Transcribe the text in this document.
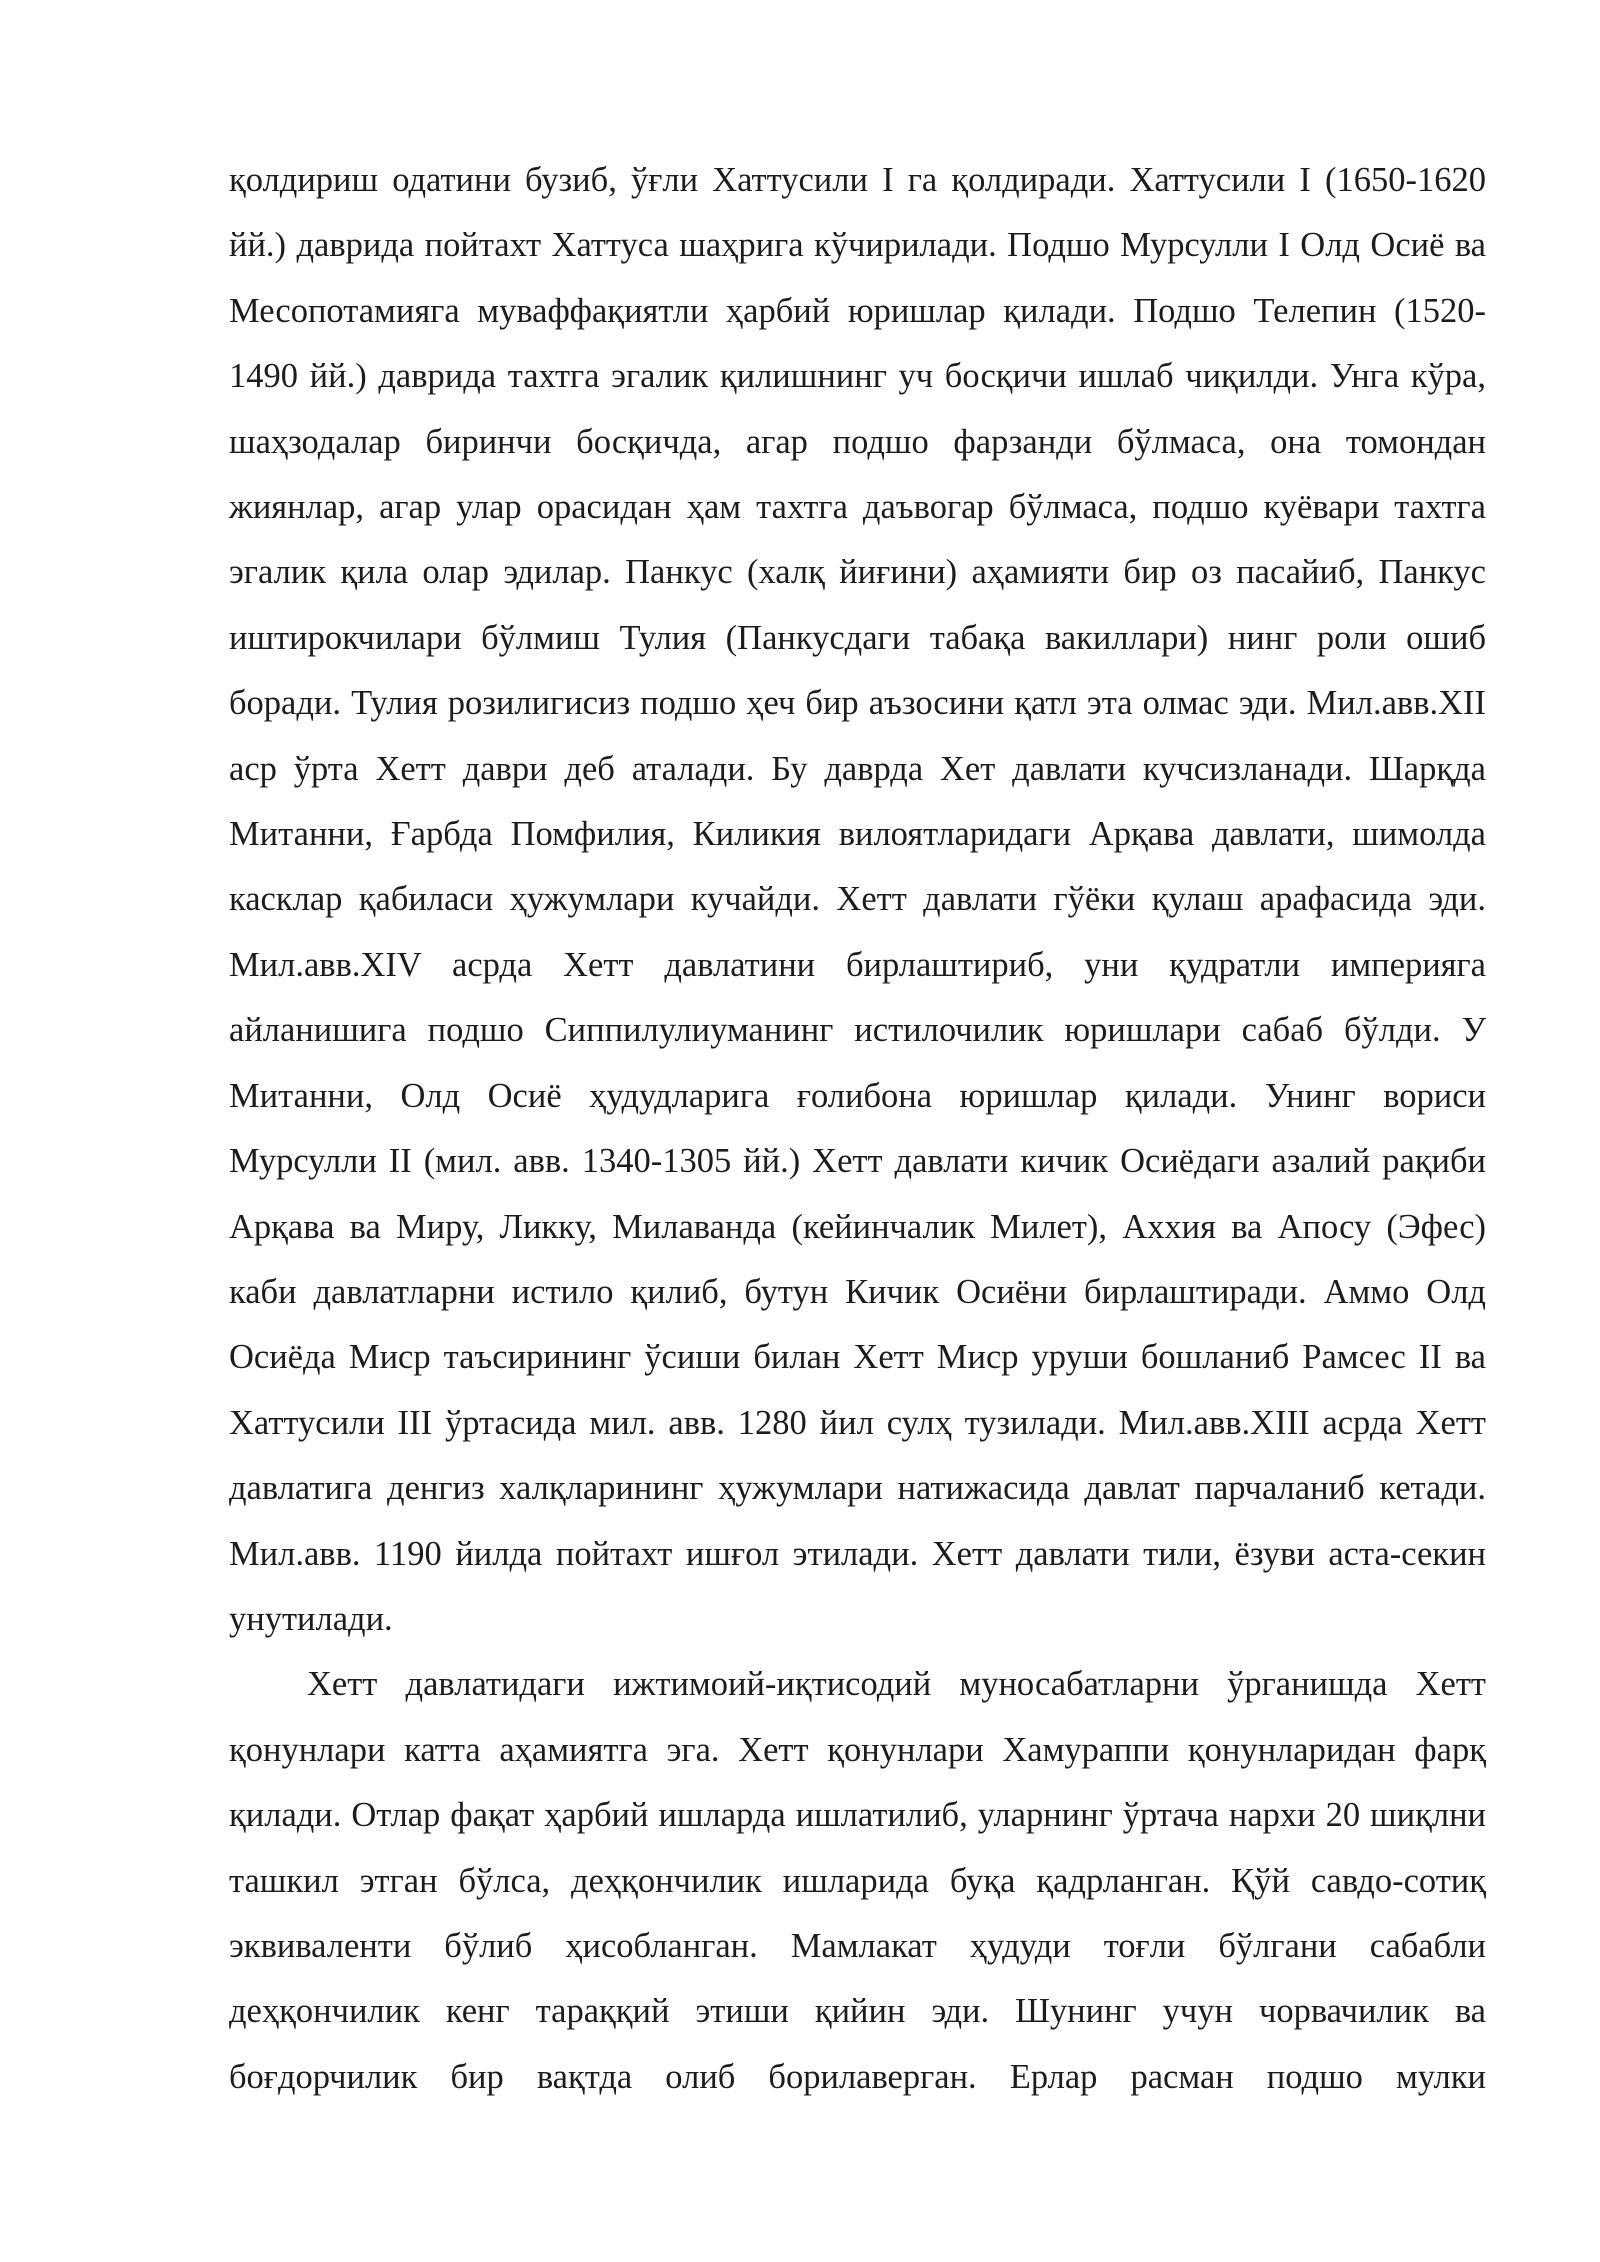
қолдириш одатини бузиб, ўғли Хаттусили I га қолдиради. Хаттусили I (1650-1620 йй.) даврида пойтахт Хаттуса шаҳрига кўчирилади. Подшо Мурсулли I Олд Осиё ва Месопотамияга муваффақиятли ҳарбий юришлар қилади. Подшо Телепин (1520-1490 йй.) даврида тахтга эгалик қилишнинг уч босқичи ишлаб чиқилди. Унга кўра, шаҳзодалар биринчи босқичда, агар подшо фарзанди бўлмаса, она томондан жиянлар, агар улар орасидан ҳам тахтга даъвогар бўлмаса, подшо куёвари тахтга эгалик қила олар эдилар. Панкус (халқ йиғини) аҳамияти бир оз пасайиб, Панкус иштирокчилари бўлмиш Тулия (Панкусдаги табақа вакиллари) нинг роли ошиб боради. Тулия розилигисиз подшо ҳеч бир аъзосини қатл эта олмас эди. Мил.авв.XII аср ўрта Хетт даври деб аталади. Бу даврда Хет давлати кучсизланади. Шарқда Митанни, Ғарбда Помфилия, Киликия вилоятларидаги Арқава давлати, шимолда касклар қабиласи ҳужумлари кучайди. Хетт давлати гўёки қулаш арафасида эди. Мил.авв.XIV асрда Хетт давлатини бирлаштириб, уни қудратли империяга айланишига подшо Сиппилулиуманинг истилочилик юришлари сабаб бўлди. У Митанни, Олд Осиё ҳудудларига ғолибона юришлар қилади. Унинг вориси Мурсулли II (мил. авв. 1340-1305 йй.) Хетт давлати кичик Осиёдаги азалий рақиби Арқава ва Миру, Ликку, Милаванда (кейинчалик Милет), Аххия ва Апосу (Эфес) каби давлатларни истило қилиб, бутун Кичик Осиёни бирлаштиради. Аммо Олд Осиёда Миср таъсирининг ўсиши билан Хетт Миср уруши бошланиб Рамсес II ва Хаттусили III ўртасида мил. авв. 1280 йил сулҳ тузилади. Мил.авв.XIII асрда Хетт давлатига денгиз халқларининг ҳужумлари натижасида давлат парчаланиб кетади. Мил.авв. 1190 йилда пойтахт ишғол этилади. Хетт давлати тили, ёзуви аста-секин унутилади.

Хетт давлатидаги ижтимоий-иқтисодий муносабатларни ўрганишда Хетт қонунлари катта аҳамиятга эга. Хетт қонунлари Хамураппи қонунларидан фарқ қилади. Отлар фақат ҳарбий ишларда ишлатилиб, уларнинг ўртача нархи 20 шиқлни ташкил этган бўлса, деҳқончилик ишларида буқа қадрланган. Қўй савдо-сотиқ эквиваленти бўлиб ҳисобланган. Мамлакат ҳудуди тоғли бўлгани сабабли деҳқончилик кенг тараққий этиши қийин эди. Шунинг учун чорвачилик ва боғдорчилик бир вақтда олиб борилаверган. Ерлар расман подшо мулки
